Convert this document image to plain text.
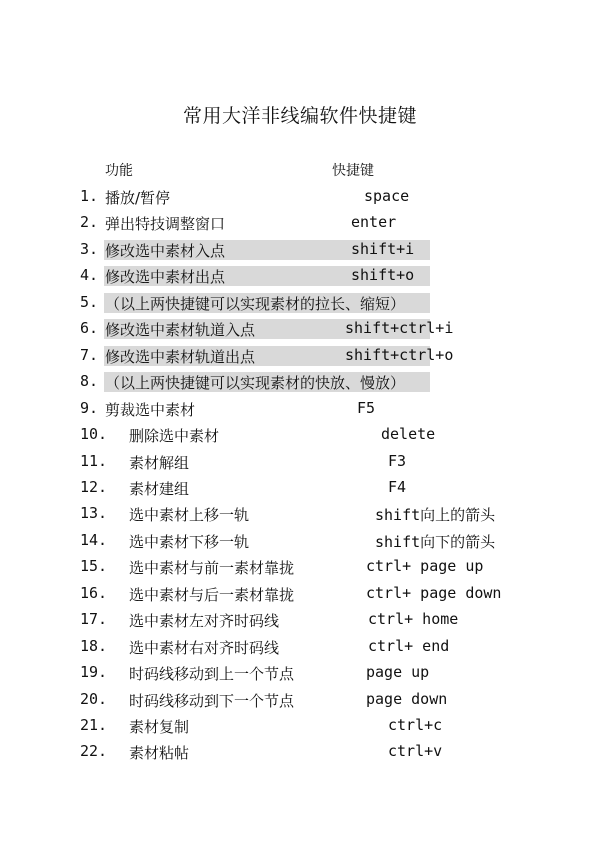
常用大洋非线编软件快捷键
功能	快捷键
1. 播放/暂停	space
2. 弹出特技调整窗口	enter
3. 修改选中素材入点	shift+i
4. 修改选中素材出点	shift+o
5. （以上两快捷键可以实现素材的拉长、缩短）
6. 修改选中素材轨道入点	shift+ctrl+i
7. 修改选中素材轨道出点	shift+ctrl+o
8. （以上两快捷键可以实现素材的快放、慢放）
9. 剪裁选中素材	F5
10. 删除选中素材	delete
11. 素材解组	F3
12. 素材建组	F4
13. 选中素材上移一轨	shift向上的箭头
14. 选中素材下移一轨	shift向下的箭头
15. 选中素材与前一素材靠拢	ctrl+ page up
16. 选中素材与后一素材靠拢	ctrl+ page down
17. 选中素材左对齐时码线	ctrl+ home
18. 选中素材右对齐时码线	ctrl+ end
19. 时码线移动到上一个节点	page up
20. 时码线移动到下一个节点	page down
21. 素材复制	ctrl+c
22. 素材粘帖	ctrl+v
